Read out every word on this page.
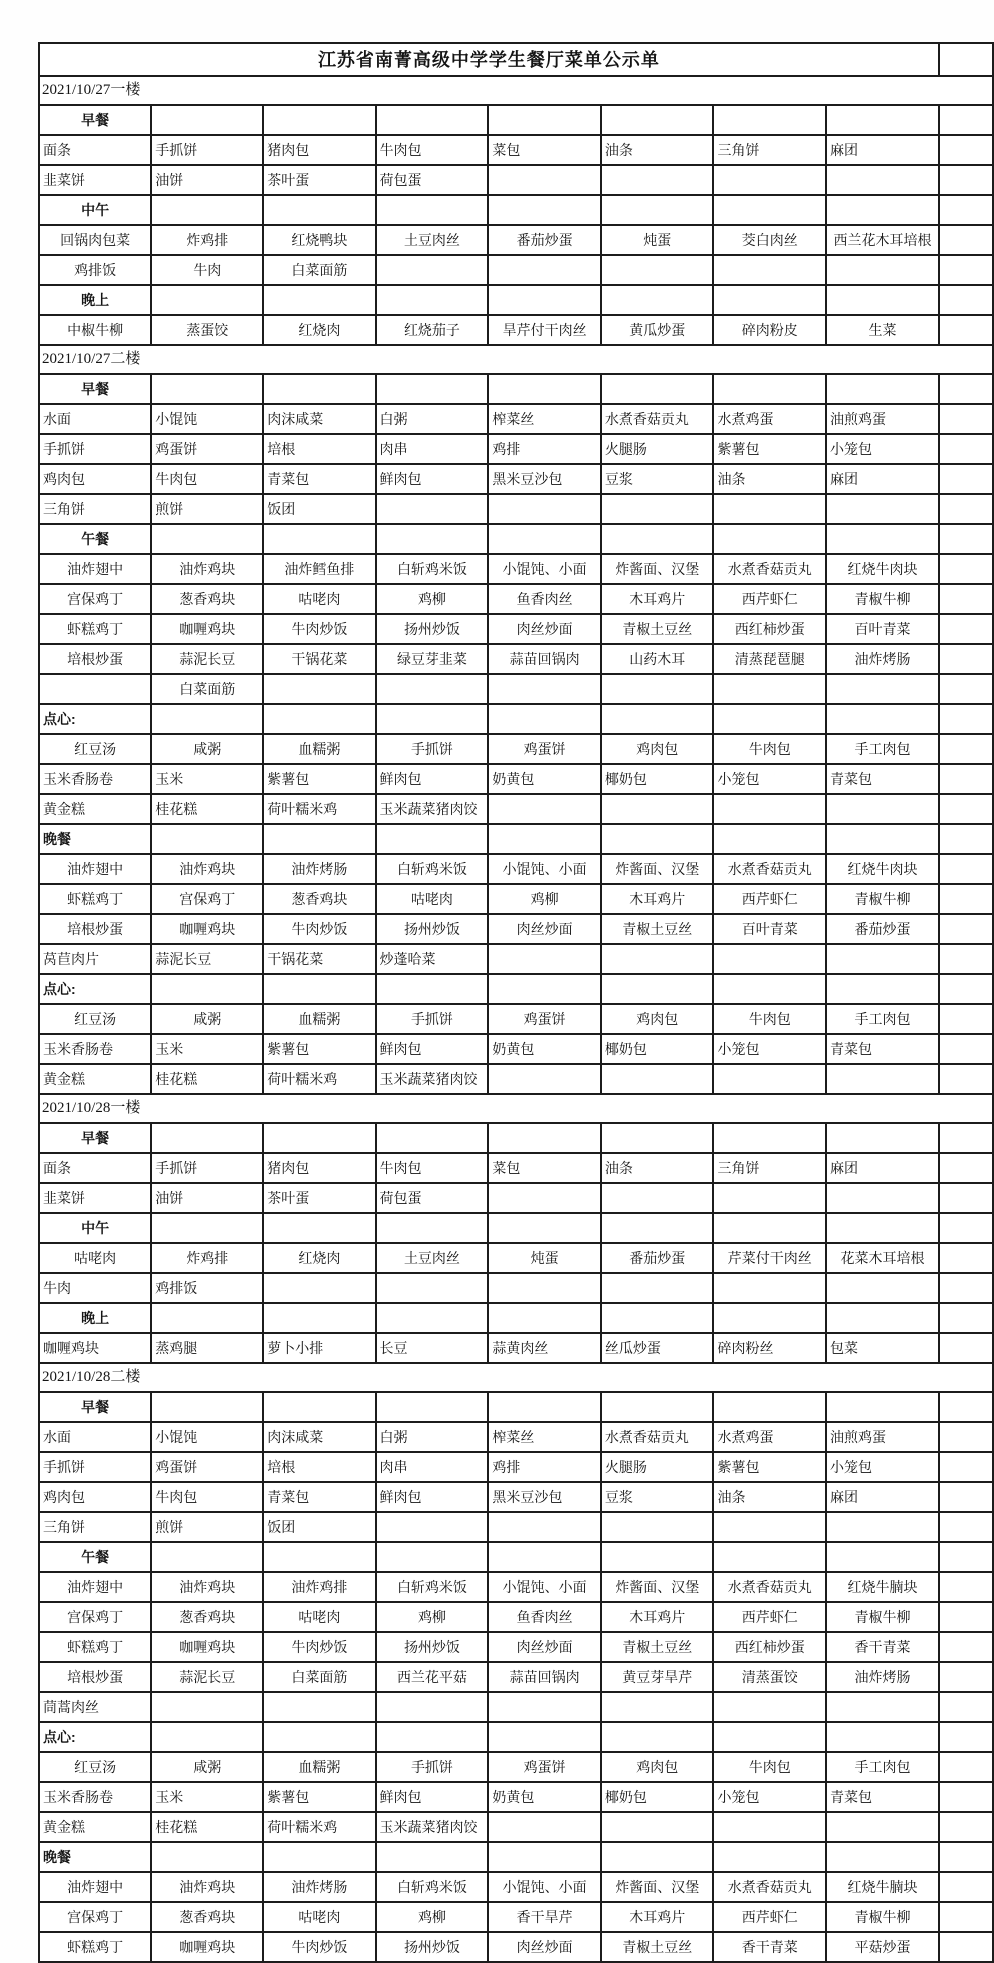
江苏省南菁高级中学学生餐厅菜单公示单								
2021/10/27一楼								
早餐								
面条	手抓饼	猪肉包	牛肉包	菜包	油条	三角饼	麻团	
韭菜饼	油饼	茶叶蛋	荷包蛋					
中午								
回锅肉包菜	炸鸡排	红烧鸭块	土豆肉丝	番茄炒蛋	炖蛋	茭白肉丝	西兰花木耳培根	
鸡排饭	牛肉	白菜面筋						
晚上								
中椒牛柳	蒸蛋饺	红烧肉	红烧茄子	旱芹付干肉丝	黄瓜炒蛋	碎肉粉皮	生菜	
2021/10/27二楼								
早餐								
水面	小馄饨	肉沫咸菜	白粥	榨菜丝	水煮香菇贡丸	水煮鸡蛋	油煎鸡蛋	
手抓饼	鸡蛋饼	培根	肉串	鸡排	火腿肠	紫薯包	小笼包	
鸡肉包	牛肉包	青菜包	鲜肉包	黑米豆沙包	豆浆	油条	麻团	
三角饼	煎饼	饭团						
午餐								
油炸翅中	油炸鸡块	油炸鳕鱼排	白斩鸡米饭	小馄饨、小面	炸酱面、汉堡	水煮香菇贡丸	红烧牛肉块	
宫保鸡丁	葱香鸡块	咕咾肉	鸡柳	鱼香肉丝	木耳鸡片	西芹虾仁	青椒牛柳	
虾糕鸡丁	咖喱鸡块	牛肉炒饭	扬州炒饭	肉丝炒面	青椒土豆丝	西红柿炒蛋	百叶青菜	
培根炒蛋	蒜泥长豆	干锅花菜	绿豆芽韭菜	蒜苗回锅肉	山药木耳	清蒸琵琶腿	油炸烤肠	
	白菜面筋							
点心:								
红豆汤	咸粥	血糯粥	手抓饼	鸡蛋饼	鸡肉包	牛肉包	手工肉包	
玉米香肠卷	玉米	紫薯包	鲜肉包	奶黄包	椰奶包	小笼包	青菜包	
黄金糕	桂花糕	荷叶糯米鸡	玉米蔬菜猪肉饺					
晚餐								
油炸翅中	油炸鸡块	油炸烤肠	白斩鸡米饭	小馄饨、小面	炸酱面、汉堡	水煮香菇贡丸	红烧牛肉块	
虾糕鸡丁	宫保鸡丁	葱香鸡块	咕咾肉	鸡柳	木耳鸡片	西芹虾仁	青椒牛柳	
培根炒蛋	咖喱鸡块	牛肉炒饭	扬州炒饭	肉丝炒面	青椒土豆丝	百叶青菜	番茄炒蛋	
莴苣肉片	蒜泥长豆	干锅花菜	炒蓬哈菜					
点心:								
红豆汤	咸粥	血糯粥	手抓饼	鸡蛋饼	鸡肉包	牛肉包	手工肉包	
玉米香肠卷	玉米	紫薯包	鲜肉包	奶黄包	椰奶包	小笼包	青菜包	
黄金糕	桂花糕	荷叶糯米鸡	玉米蔬菜猪肉饺					
2021/10/28一楼								
早餐								
面条	手抓饼	猪肉包	牛肉包	菜包	油条	三角饼	麻团	
韭菜饼	油饼	茶叶蛋	荷包蛋					
中午								
咕咾肉	炸鸡排	红烧肉	土豆肉丝	炖蛋	番茄炒蛋	芹菜付干肉丝	花菜木耳培根	
牛肉	鸡排饭							
晚上								
咖喱鸡块	蒸鸡腿	萝卜小排	长豆	蒜黄肉丝	丝瓜炒蛋	碎肉粉丝	包菜	
2021/10/28二楼								
早餐								
水面	小馄饨	肉沫咸菜	白粥	榨菜丝	水煮香菇贡丸	水煮鸡蛋	油煎鸡蛋	
手抓饼	鸡蛋饼	培根	肉串	鸡排	火腿肠	紫薯包	小笼包	
鸡肉包	牛肉包	青菜包	鲜肉包	黑米豆沙包	豆浆	油条	麻团	
三角饼	煎饼	饭团						
午餐								
油炸翅中	油炸鸡块	油炸鸡排	白斩鸡米饭	小馄饨、小面	炸酱面、汉堡	水煮香菇贡丸	红烧牛腩块	
宫保鸡丁	葱香鸡块	咕咾肉	鸡柳	鱼香肉丝	木耳鸡片	西芹虾仁	青椒牛柳	
虾糕鸡丁	咖喱鸡块	牛肉炒饭	扬州炒饭	肉丝炒面	青椒土豆丝	西红柿炒蛋	香干青菜	
培根炒蛋	蒜泥长豆	白菜面筋	西兰花平菇	蒜苗回锅肉	黄豆芽旱芹	清蒸蛋饺	油炸烤肠	
茼蒿肉丝								
点心:								
红豆汤	咸粥	血糯粥	手抓饼	鸡蛋饼	鸡肉包	牛肉包	手工肉包	
玉米香肠卷	玉米	紫薯包	鲜肉包	奶黄包	椰奶包	小笼包	青菜包	
黄金糕	桂花糕	荷叶糯米鸡	玉米蔬菜猪肉饺					
晚餐								
油炸翅中	油炸鸡块	油炸烤肠	白斩鸡米饭	小馄饨、小面	炸酱面、汉堡	水煮香菇贡丸	红烧牛腩块	
宫保鸡丁	葱香鸡块	咕咾肉	鸡柳	香干旱芹	木耳鸡片	西芹虾仁	青椒牛柳	
虾糕鸡丁	咖喱鸡块	牛肉炒饭	扬州炒饭	肉丝炒面	青椒土豆丝	香干青菜	平菇炒蛋	
